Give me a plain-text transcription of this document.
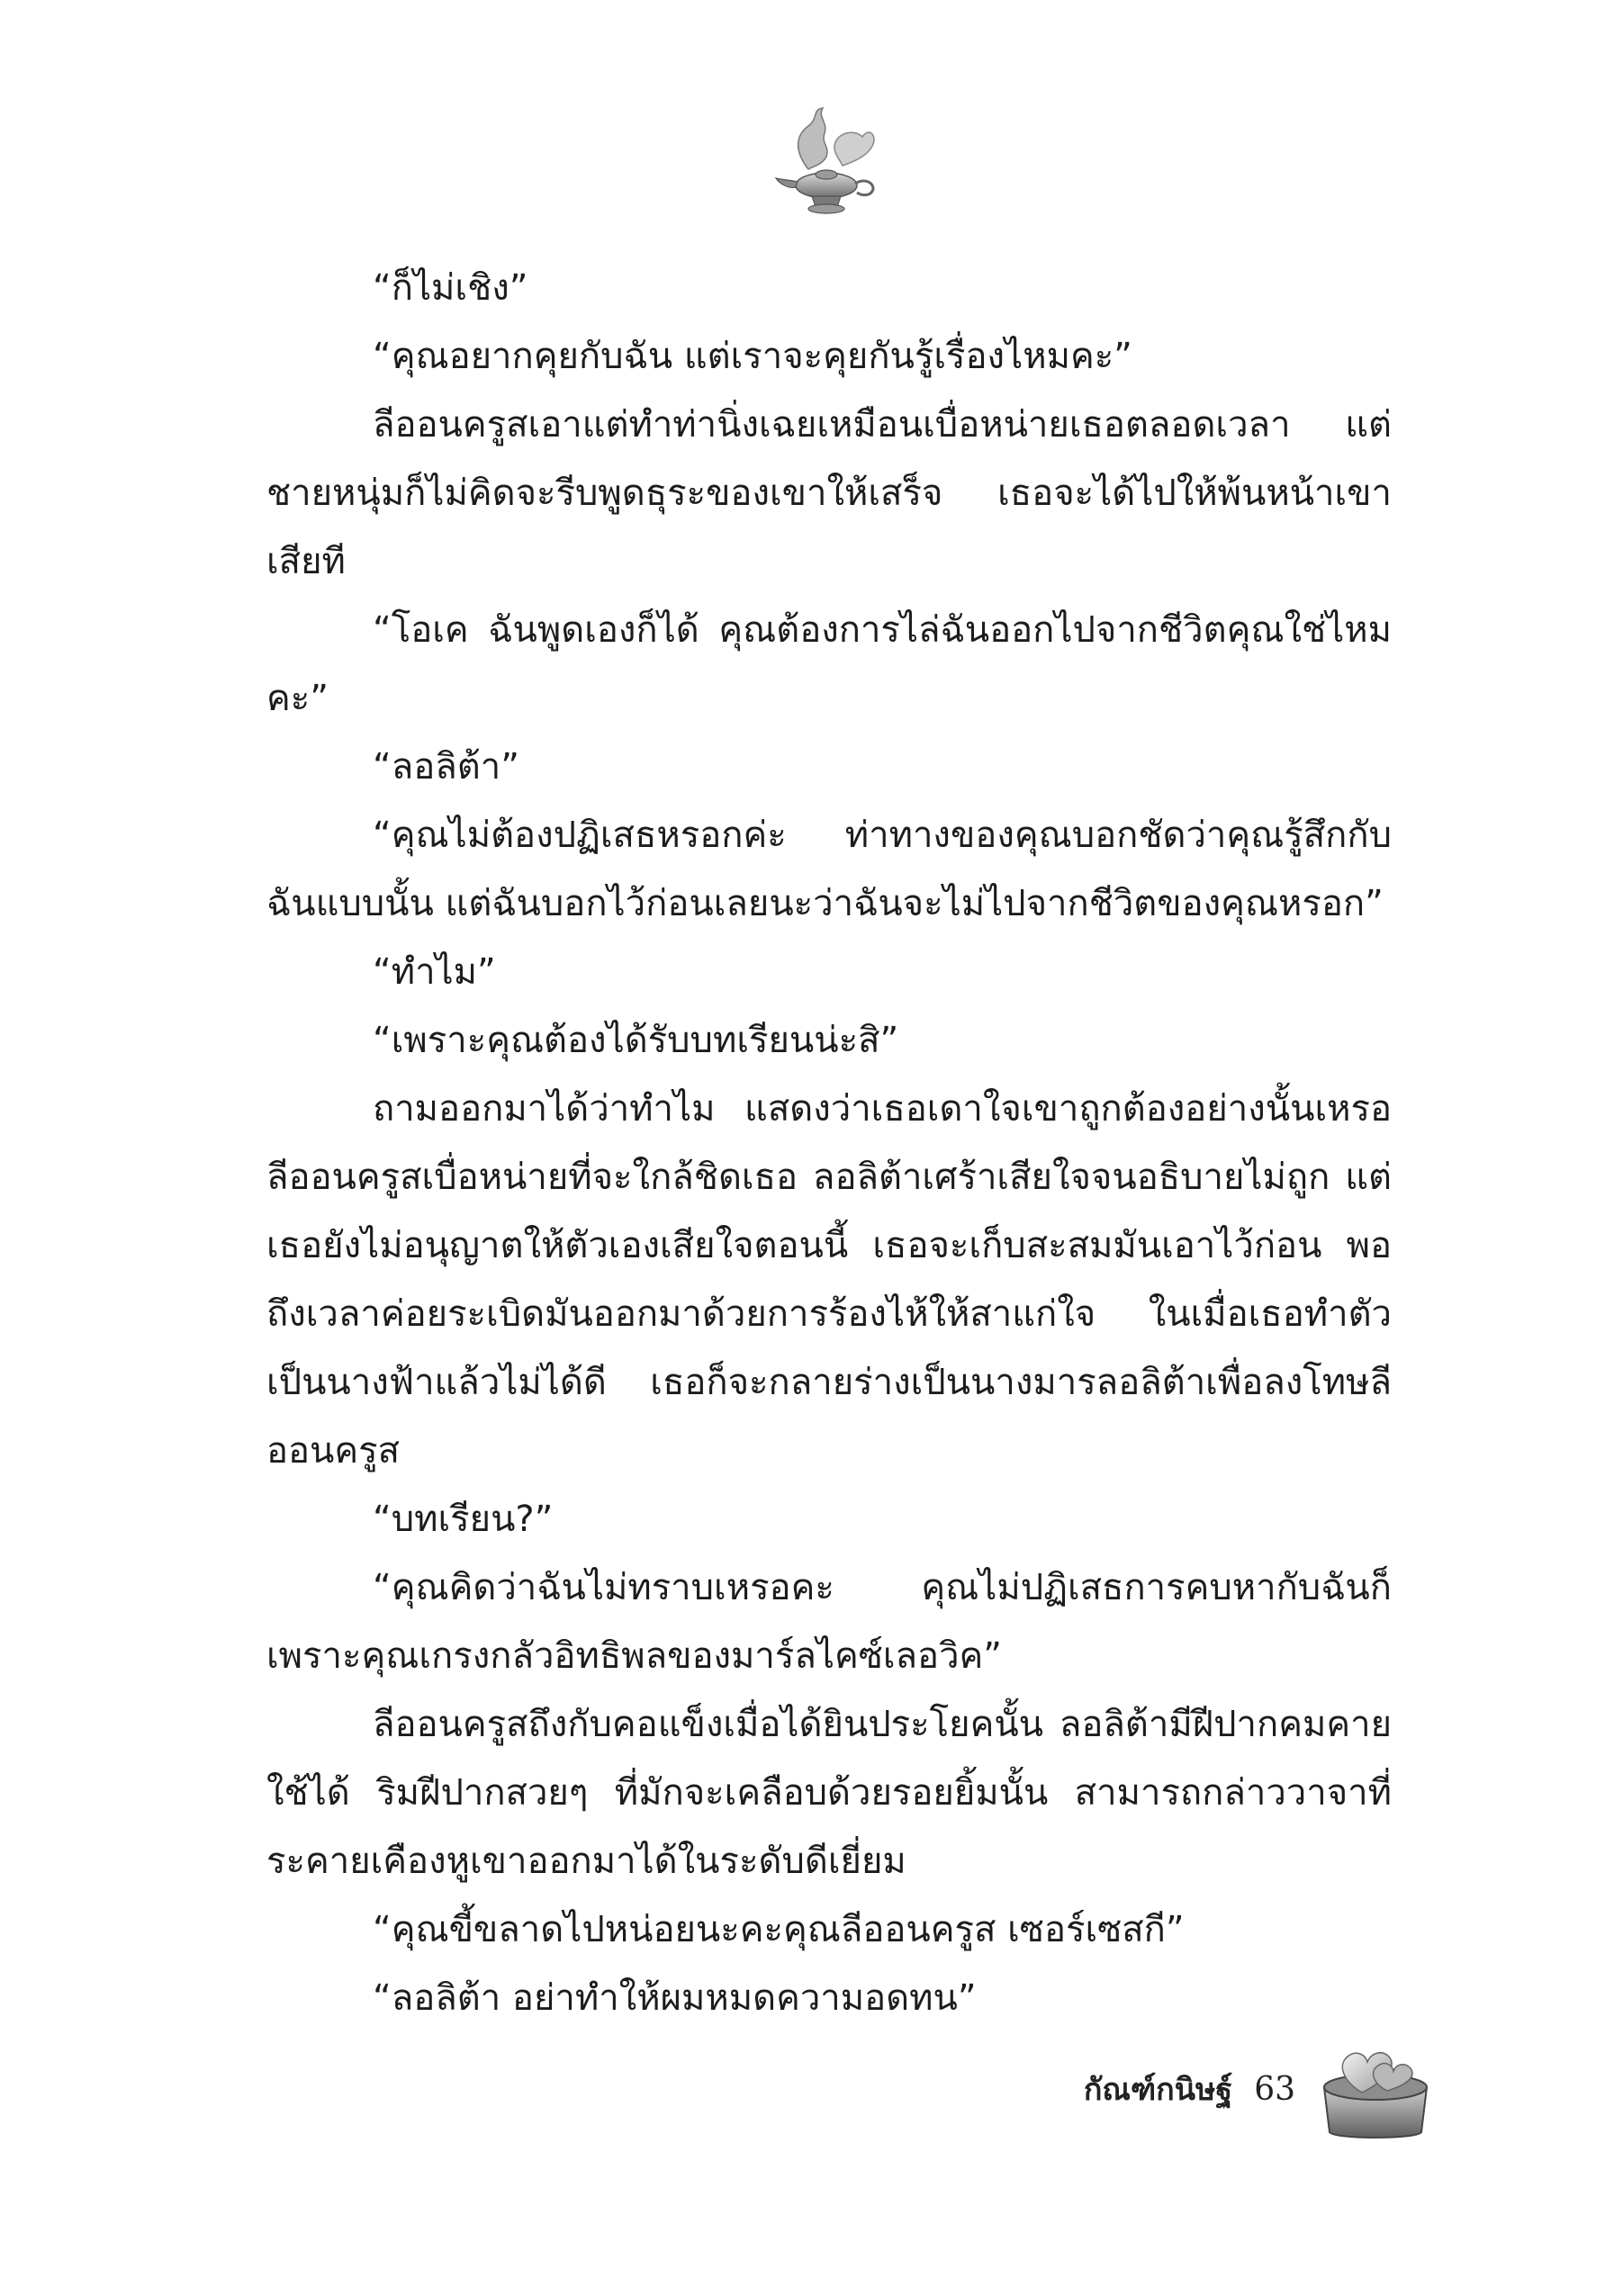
“ก็ไม่เชิง”

“คุณอยากคุยกับฉัน แต่เราจะคุยกันรู้เรื่องไหมคะ”

ลีออนครูสเอาแต่ทำท่านิ่งเฉยเหมือนเบื่อหน่ายเธอตลอดเวลา แต่ชายหนุ่มก็ไม่คิดจะรีบพูดธุระของเขาให้เสร็จ เธอจะได้ไปให้พ้นหน้าเขาเสียที

“โอเค ฉันพูดเองก็ได้ คุณต้องการไล่ฉันออกไปจากชีวิตคุณใช่ไหมคะ”

“ลอลิต้า”

“คุณไม่ต้องปฏิเสธหรอกค่ะ ท่าทางของคุณบอกชัดว่าคุณรู้สึกกับฉันแบบนั้น แต่ฉันบอกไว้ก่อนเลยนะว่าฉันจะไม่ไปจากชีวิตของคุณหรอก”

“ทำไม”

“เพราะคุณต้องได้รับบทเรียนน่ะสิ”

ถามออกมาได้ว่าทำไม แสดงว่าเธอเดาใจเขาถูกต้องอย่างนั้นเหรอ ลีออนครูสเบื่อหน่ายที่จะใกล้ชิดเธอ ลอลิต้าเศร้าเสียใจจนอธิบายไม่ถูก แต่เธอยังไม่อนุญาตให้ตัวเองเสียใจตอนนี้ เธอจะเก็บสะสมมันเอาไว้ก่อน พอถึงเวลาค่อยระเบิดมันออกมาด้วยการร้องไห้ให้สาแก่ใจ ในเมื่อเธอทำตัวเป็นนางฟ้าแล้วไม่ได้ดี เธอก็จะกลายร่างเป็นนางมารลอลิต้าเพื่อลงโทษลีออนครูส

“บทเรียน?”

“คุณคิดว่าฉันไม่ทราบเหรอคะ คุณไม่ปฏิเสธการคบหากับฉันก็เพราะคุณเกรงกลัวอิทธิพลของมาร์ลไคซ์เลอวิค”

ลีออนครูสถึงกับคอแข็งเมื่อได้ยินประโยคนั้น ลอลิต้ามีฝีปากคมคายใช้ได้ ริมฝีปากสวยๆ ที่มักจะเคลือบด้วยรอยยิ้มนั้น สามารถกล่าววาจาที่ระคายเคืองหูเขาออกมาได้ในระดับดีเยี่ยม

“คุณขี้ขลาดไปหน่อยนะคะคุณลีออนครูส เซอร์เซสกี”

“ลอลิต้า อย่าทำให้ผมหมดความอดทน”

กัณฑ์กนิษฐ์ 63
